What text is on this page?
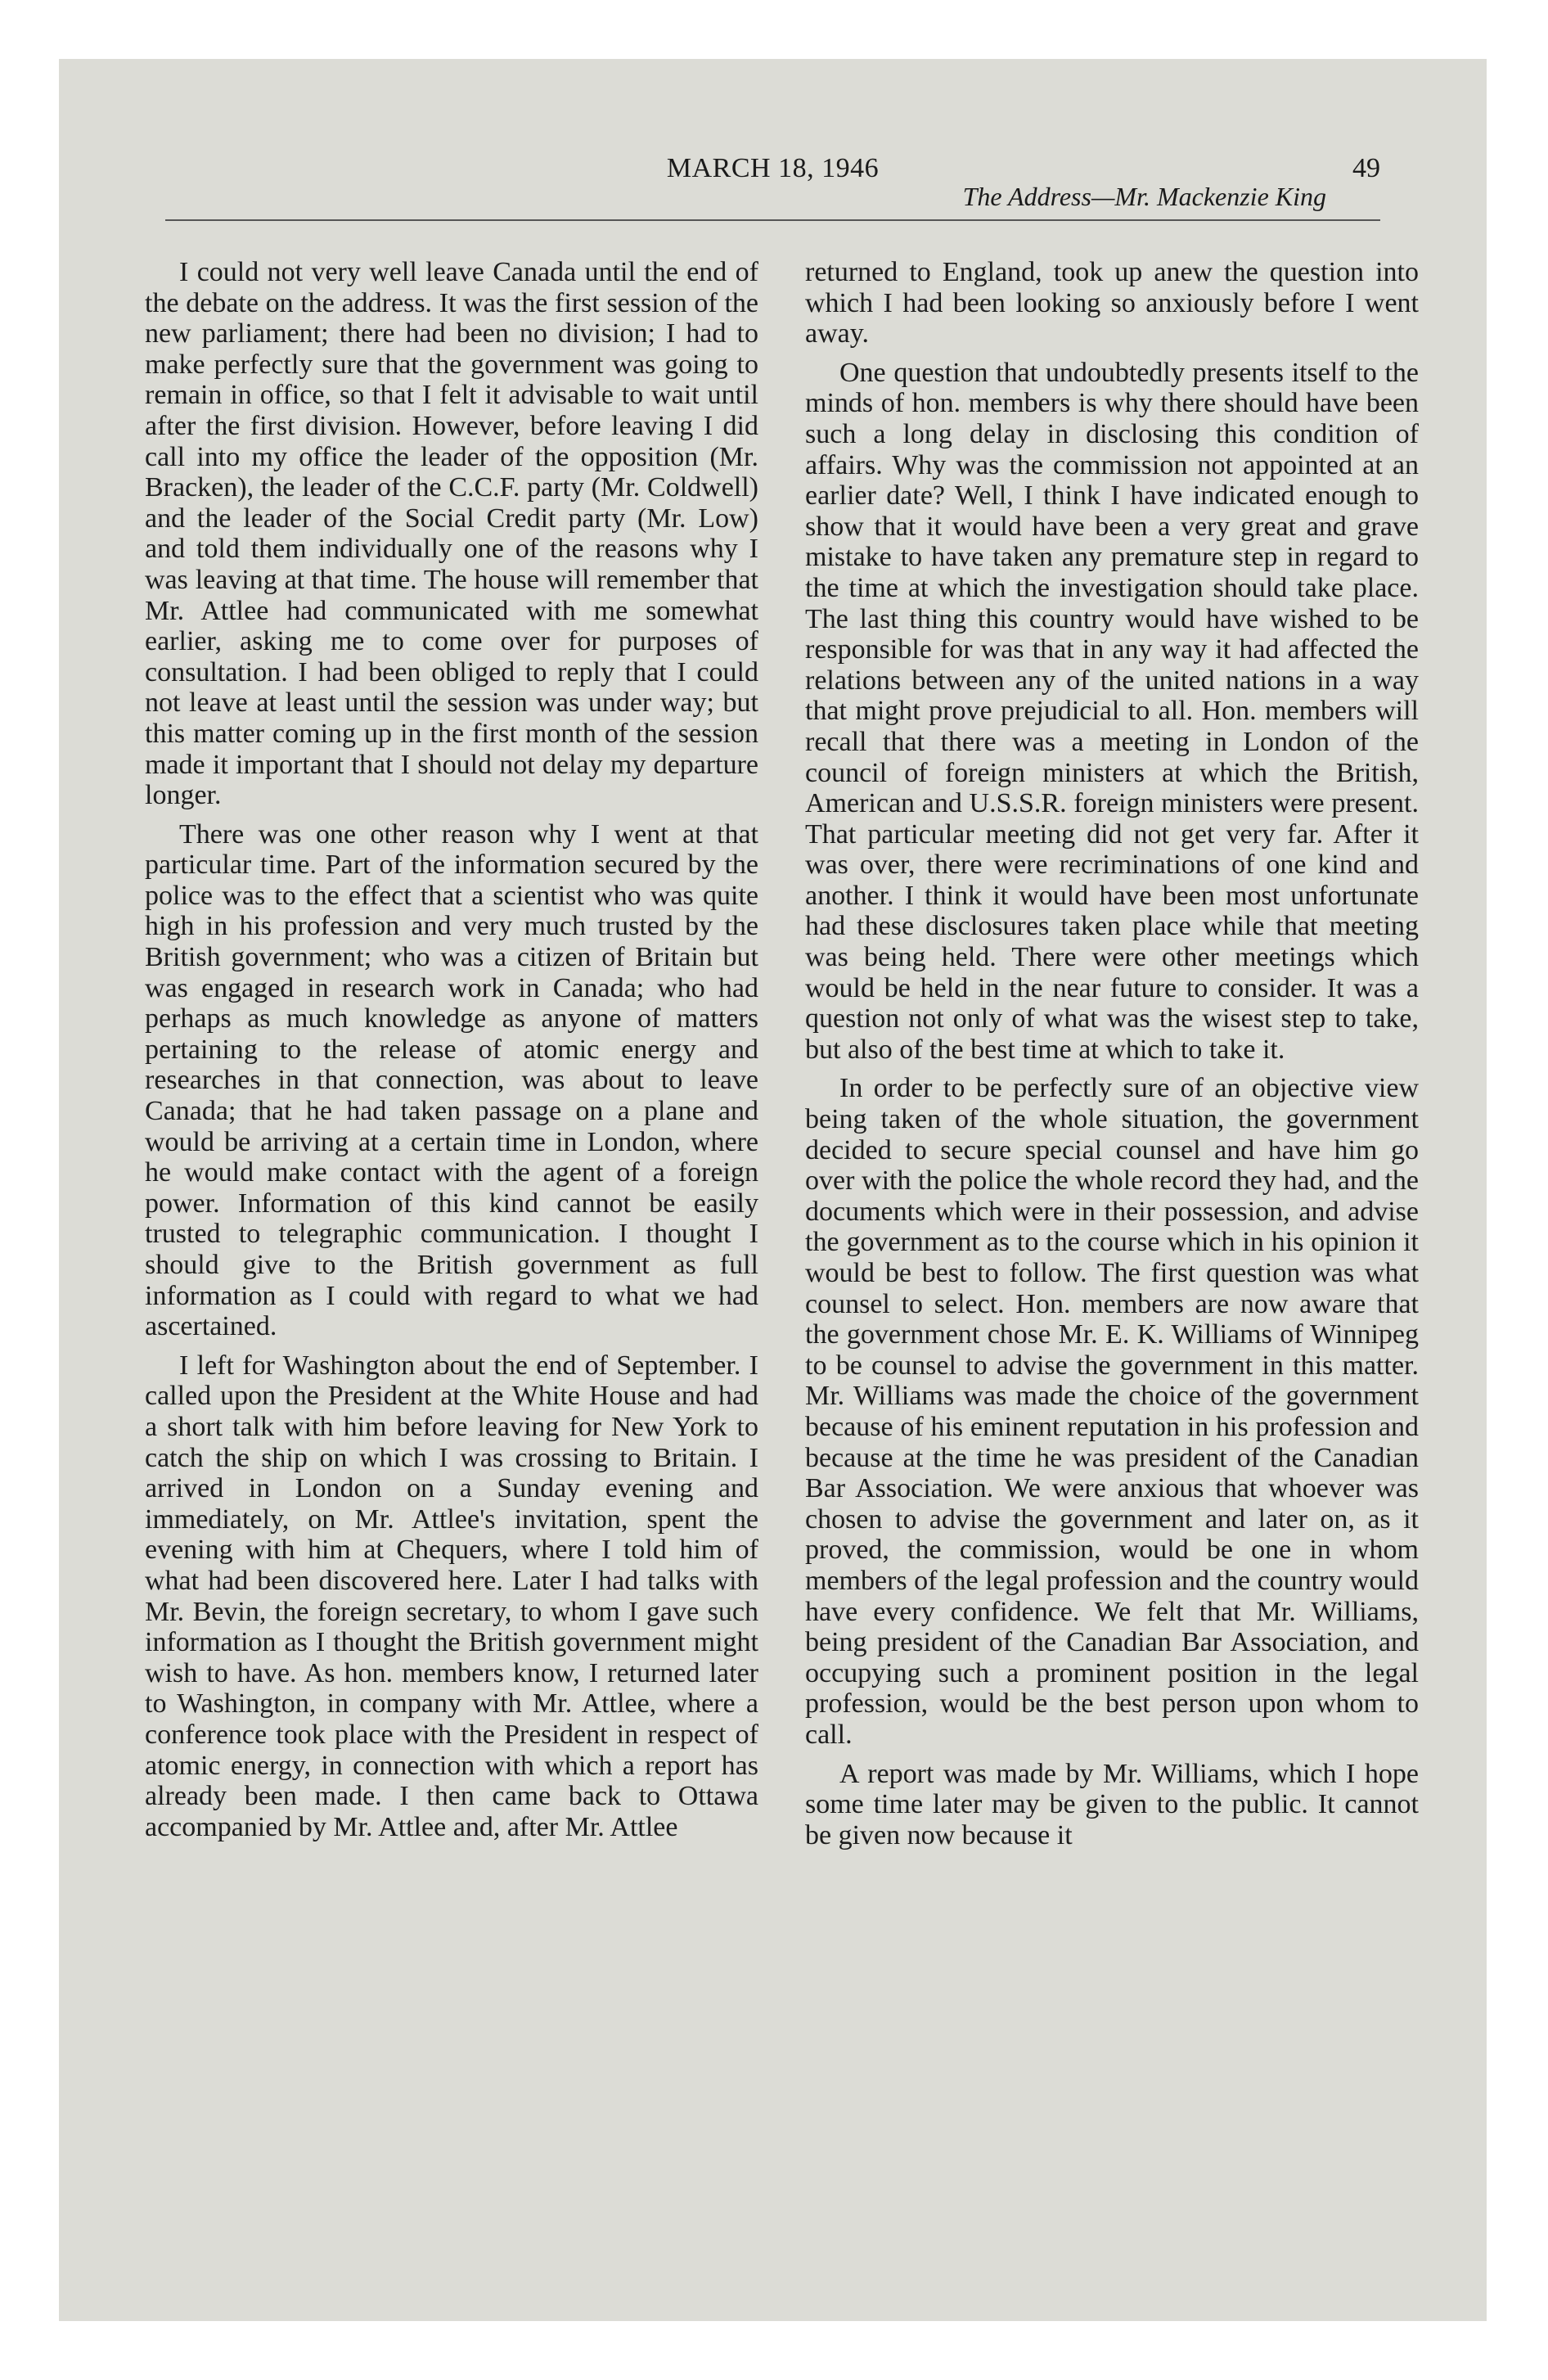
MARCH 18, 1946	49
The Address—Mr. Mackenzie King

I could not very well leave Canada until the end of the debate on the address. It was the first session of the new parliament; there had been no division; I had to make perfectly sure that the government was going to remain in office, so that I felt it advisable to wait until after the first division. However, before leaving I did call into my office the leader of the opposition (Mr. Bracken), the leader of the C.C.F. party (Mr. Coldwell) and the leader of the Social Credit party (Mr. Low) and told them individually one of the reasons why I was leaving at that time. The house will remember that Mr. Attlee had communicated with me somewhat earlier, asking me to come over for purposes of consultation. I had been obliged to reply that I could not leave at least until the session was under way; but this matter coming up in the first month of the session made it important that I should not delay my departure longer.

There was one other reason why I went at that particular time. Part of the information secured by the police was to the effect that a scientist who was quite high in his profession and very much trusted by the British government; who was a citizen of Britain but was engaged in research work in Canada; who had perhaps as much knowledge as anyone of matters pertaining to the release of atomic energy and researches in that connection, was about to leave Canada; that he had taken passage on a plane and would be arriving at a certain time in London, where he would make contact with the agent of a foreign power. Information of this kind cannot be easily trusted to telegraphic communication. I thought I should give to the British government as full information as I could with regard to what we had ascertained.

I left for Washington about the end of September. I called upon the President at the White House and had a short talk with him before leaving for New York to catch the ship on which I was crossing to Britain. I arrived in London on a Sunday evening and immediately, on Mr. Attlee's invitation, spent the evening with him at Chequers, where I told him of what had been discovered here. Later I had talks with Mr. Bevin, the foreign secretary, to whom I gave such information as I thought the British government might wish to have. As hon. members know, I returned later to Washington, in company with Mr. Attlee, where a conference took place with the President in respect of atomic energy, in connection with which a report has already been made. I then came back to Ottawa accompanied by Mr. Attlee and, after Mr. Attlee

returned to England, took up anew the question into which I had been looking so anxiously before I went away.

One question that undoubtedly presents itself to the minds of hon. members is why there should have been such a long delay in disclosing this condition of affairs. Why was the commission not appointed at an earlier date? Well, I think I have indicated enough to show that it would have been a very great and grave mistake to have taken any premature step in regard to the time at which the investigation should take place. The last thing this country would have wished to be responsible for was that in any way it had affected the relations between any of the united nations in a way that might prove prejudicial to all. Hon. members will recall that there was a meeting in London of the council of foreign ministers at which the British, American and U.S.S.R. foreign ministers were present. That particular meeting did not get very far. After it was over, there were recriminations of one kind and another. I think it would have been most unfortunate had these disclosures taken place while that meeting was being held. There were other meetings which would be held in the near future to consider. It was a question not only of what was the wisest step to take, but also of the best time at which to take it.

In order to be perfectly sure of an objective view being taken of the whole situation, the government decided to secure special counsel and have him go over with the police the whole record they had, and the documents which were in their possession, and advise the government as to the course which in his opinion it would be best to follow. The first question was what counsel to select. Hon. members are now aware that the government chose Mr. E. K. Williams of Winnipeg to be counsel to advise the government in this matter. Mr. Williams was made the choice of the government because of his eminent reputation in his profession and because at the time he was president of the Canadian Bar Association. We were anxious that whoever was chosen to advise the government and later on, as it proved, the commission, would be one in whom members of the legal profession and the country would have every confidence. We felt that Mr. Williams, being president of the Canadian Bar Association, and occupying such a prominent position in the legal profession, would be the best person upon whom to call.

A report was made by Mr. Williams, which I hope some time later may be given to the public. It cannot be given now because it
